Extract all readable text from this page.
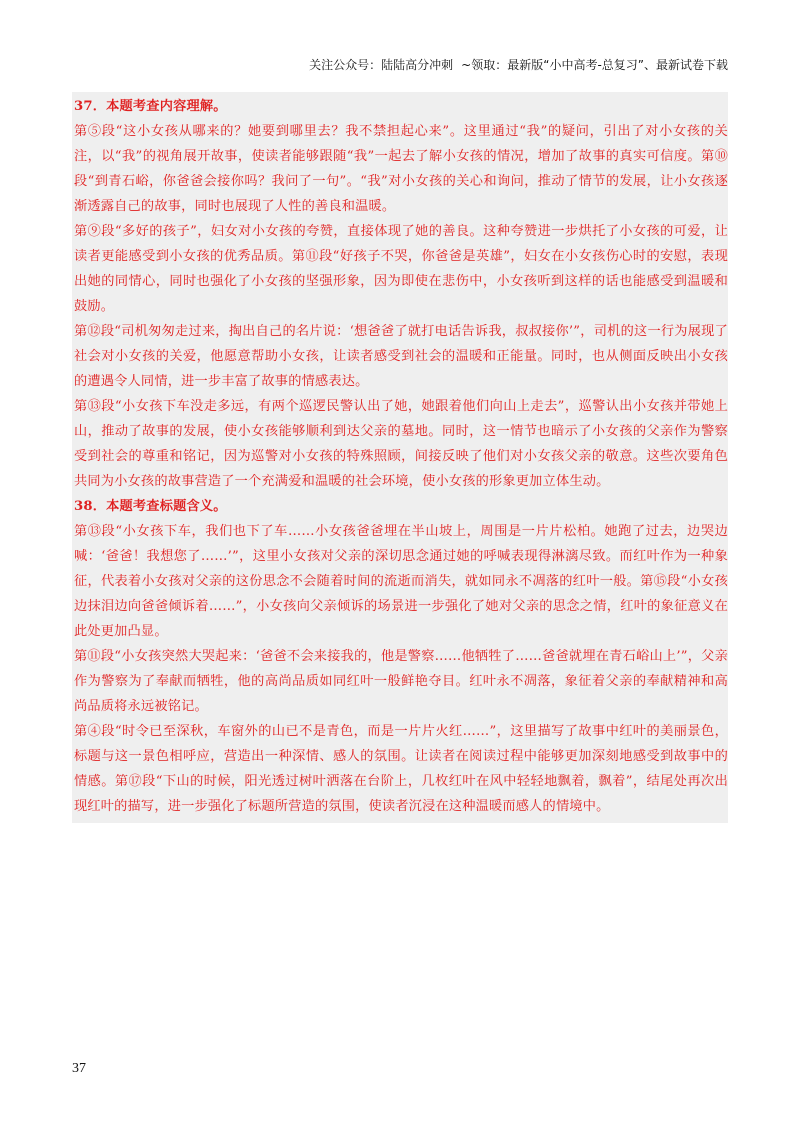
关注公众号：陆陆高分冲刺 ~领取：最新版“小中高考-总复习”、最新试卷下载

37．本题考查内容理解。

第⑤段“这小女孩从哪来的？她要到哪里去？我不禁担起心来”。这里通过“我”的疑问，引出了对小女孩的关注，以“我”的视角展开故事，使读者能够跟随“我”一起去了解小女孩的情况，增加了故事的真实可信度。第⑩段“到青石峪，你爸爸会接你吗？我问了一句”。“我”对小女孩的关心和询问，推动了情节的发展，让小女孩逐渐透露自己的故事，同时也展现了人性的善良和温暖。

第⑨段“多好的孩子”，妇女对小女孩的夸赞，直接体现了她的善良。这种夸赞进一步烘托了小女孩的可爱，让读者更能感受到小女孩的优秀品质。第⑪段“好孩子不哭，你爸爸是英雄”，妇女在小女孩伤心时的安慰，表现出她的同情心，同时也强化了小女孩的坚强形象，因为即使在悲伤中，小女孩听到这样的话也能感受到温暖和鼓励。

第⑫段“司机匆匆走过来，掏出自己的名片说：‘想爸爸了就打电话告诉我，叔叔接你’”，司机的这一行为展现了社会对小女孩的关爱，他愿意帮助小女孩，让读者感受到社会的温暖和正能量。同时，也从侧面反映出小女孩的遭遇令人同情，进一步丰富了故事的情感表达。

第⑬段“小女孩下车没走多远，有两个巡逻民警认出了她，她跟着他们向山上走去”，巡警认出小女孩并带她上山，推动了故事的发展，使小女孩能够顺利到达父亲的墓地。同时，这一情节也暗示了小女孩的父亲作为警察受到社会的尊重和铭记，因为巡警对小女孩的特殊照顾，间接反映了他们对小女孩父亲的敬意。这些次要角色共同为小女孩的故事营造了一个充满爱和温暖的社会环境，使小女孩的形象更加立体生动。

38．本题考查标题含义。

第⑬段“小女孩下车，我们也下了车……小女孩爸爸埋在半山坡上，周围是一片片松柏。她跑了过去，边哭边喊：‘爸爸！我想您了……’”，这里小女孩对父亲的深切思念通过她的呼喊表现得淋漓尽致。而红叶作为一种象征，代表着小女孩对父亲的这份思念不会随着时间的流逝而消失，就如同永不凋落的红叶一般。第⑮段“小女孩边抹泪边向爸爸倾诉着……”，小女孩向父亲倾诉的场景进一步强化了她对父亲的思念之情，红叶的象征意义在此处更加凸显。

第⑪段“小女孩突然大哭起来：‘爸爸不会来接我的，他是警察……他牺牲了……爸爸就埋在青石峪山上’”，父亲作为警察为了奉献而牺牲，他的高尚品质如同红叶一般鲜艳夺目。红叶永不凋落，象征着父亲的奉献精神和高尚品质将永远被铭记。

第④段“时令已至深秋，车窗外的山已不是青色，而是一片片火红……”，这里描写了故事中红叶的美丽景色，标题与这一景色相呼应，营造出一种深情、感人的氛围。让读者在阅读过程中能够更加深刻地感受到故事中的情感。第⑰段“下山的时候，阳光透过树叶洒落在台阶上，几枚红叶在风中轻轻地飘着，飘着”，结尾处再次出现红叶的描写，进一步强化了标题所营造的氛围，使读者沉浸在这种温暖而感人的情境中。

37
